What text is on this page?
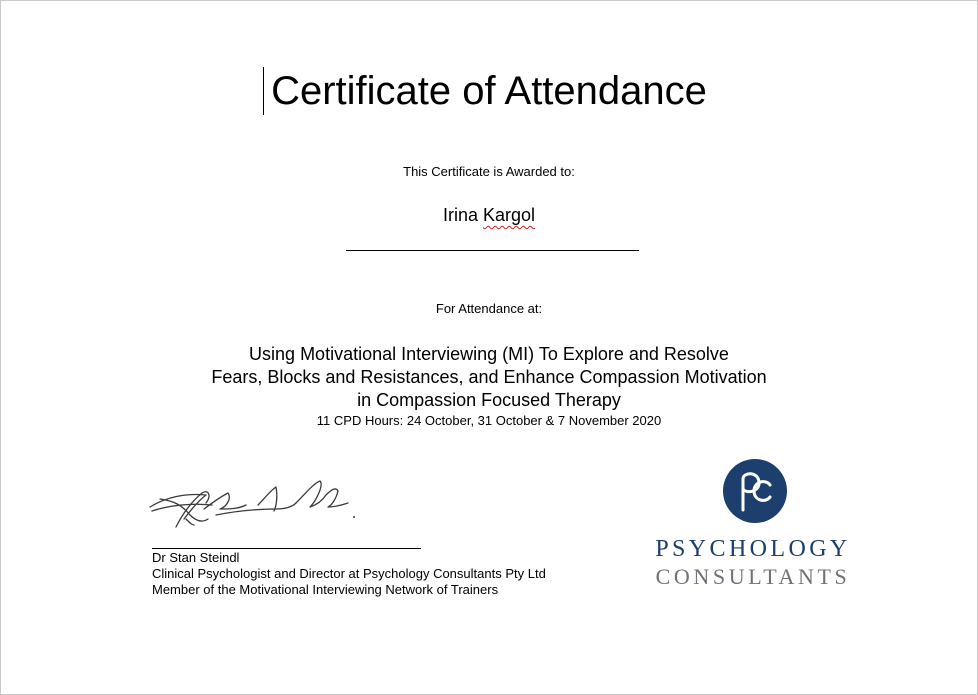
Certificate of Attendance
This Certificate is Awarded to:
Irina Kargol
For Attendance at:
Using Motivational Interviewing (MI) To Explore and Resolve
Fears, Blocks and Resistances, and Enhance Compassion Motivation
in Compassion Focused Therapy
11 CPD Hours: 24 October, 31 October & 7 November 2020
Dr Stan Steindl
Clinical Psychologist and Director at Psychology Consultants Pty Ltd
Member of the Motivational Interviewing Network of Trainers
PSYCHOLOGY
CONSULTANTS
